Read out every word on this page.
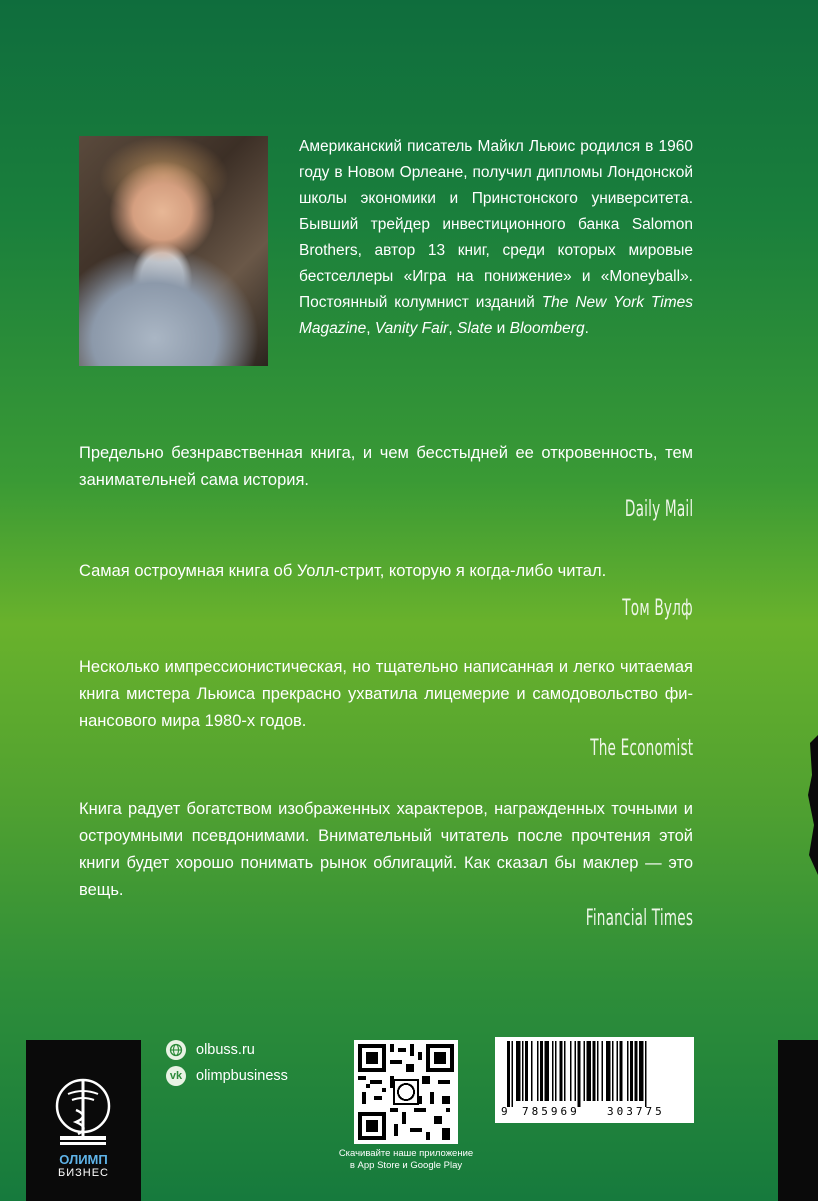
Американский писатель Майкл Льюис родился в 1960 году в Новом Орлеане, получил дипломы Лондонской школы экономики и Принстонского университета. Бывший трейдер инвестиционного банка Salomon Brothers, автор 13 книг, среди которых мировые бестселлеры «Игра на понижение» и «Moneyball». Постоянный колумнист изданий The New York Times Magazine, Vanity Fair, Slate и Bloomberg.

Предельно безнравственная книга, и чем бесстыдней ее откровенность, тем занимательней сама история.

Daily Mail

Самая остроумная книга об Уолл-стрит, которую я когда-либо читал.

Том Вулф

Несколько импрессионистическая, но тщательно написанная и легко читаемая книга мистера Льюиса прекрасно ухватила лицемерие и самодовольство финансового мира 1980-х годов.

The Economist

Книга радует богатством изображенных характеров, награжденных точными и остроумными псевдонимами. Внимательный читатель после прочтения этой книги будет хорошо понимать рынок облигаций. Как сказал бы маклер — это вещь.

Financial Times
ОЛИМП
БИЗНЕС
olbuss.ru
vk olimpbusiness
Скачивайте наше приложение
в App Store и Google Play
9 785969 303775
